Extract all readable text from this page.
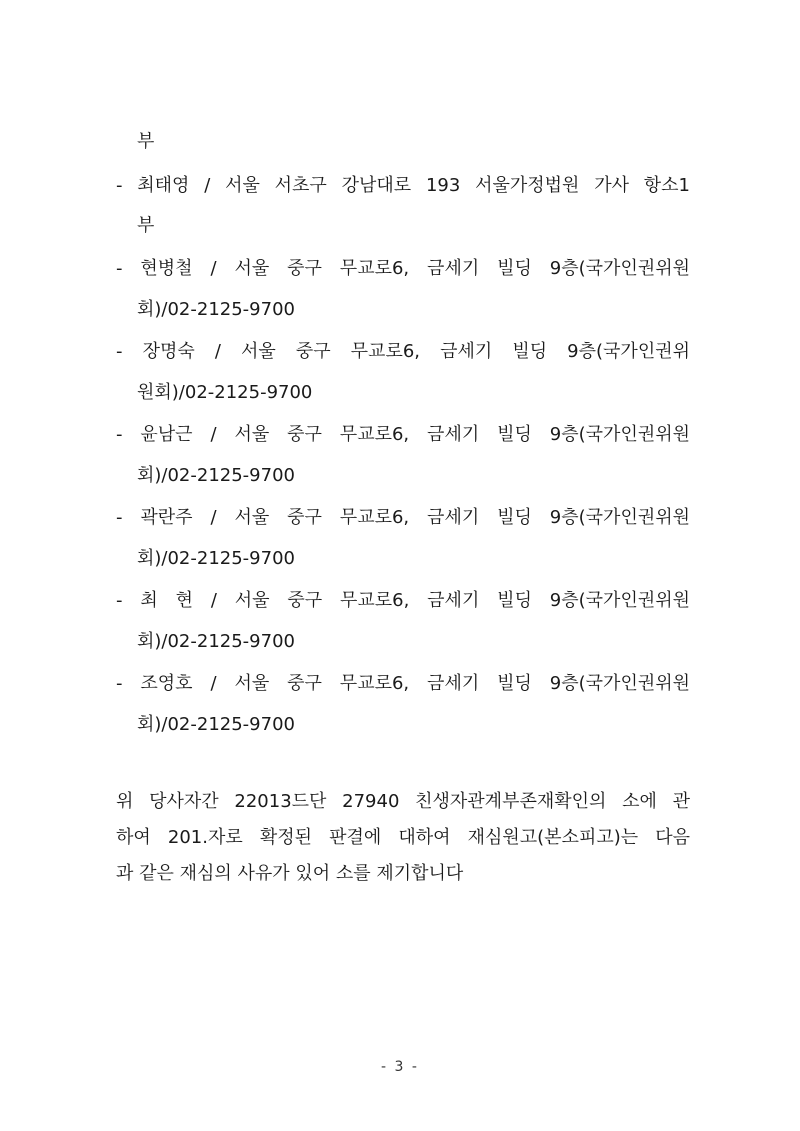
부
- 최태영 / 서울 서초구 강남대로 193 서울가정법원 가사 항소1
부
- 현병철 / 서울 중구 무교로6, 금세기 빌딩 9층(국가인권위원
회)/02-2125-9700
- 장명숙 / 서울 중구 무교로6, 금세기 빌딩 9층(국가인권위
원회)/02-2125-9700
- 윤남근 / 서울 중구 무교로6, 금세기 빌딩 9층(국가인권위원
회)/02-2125-9700
- 곽란주 / 서울 중구 무교로6, 금세기 빌딩 9층(국가인권위원
회)/02-2125-9700
- 최 현 / 서울 중구 무교로6, 금세기 빌딩 9층(국가인권위원
회)/02-2125-9700
- 조영호 / 서울 중구 무교로6, 금세기 빌딩 9층(국가인권위원
회)/02-2125-9700
위 당사자간 22013드단 27940 친생자관계부존재확인의 소에 관
하여 201.자로 확정된 판결에 대하여 재심원고(본소피고)는 다음
과 같은 재심의 사유가 있어 소를 제기합니다
- 3 -
